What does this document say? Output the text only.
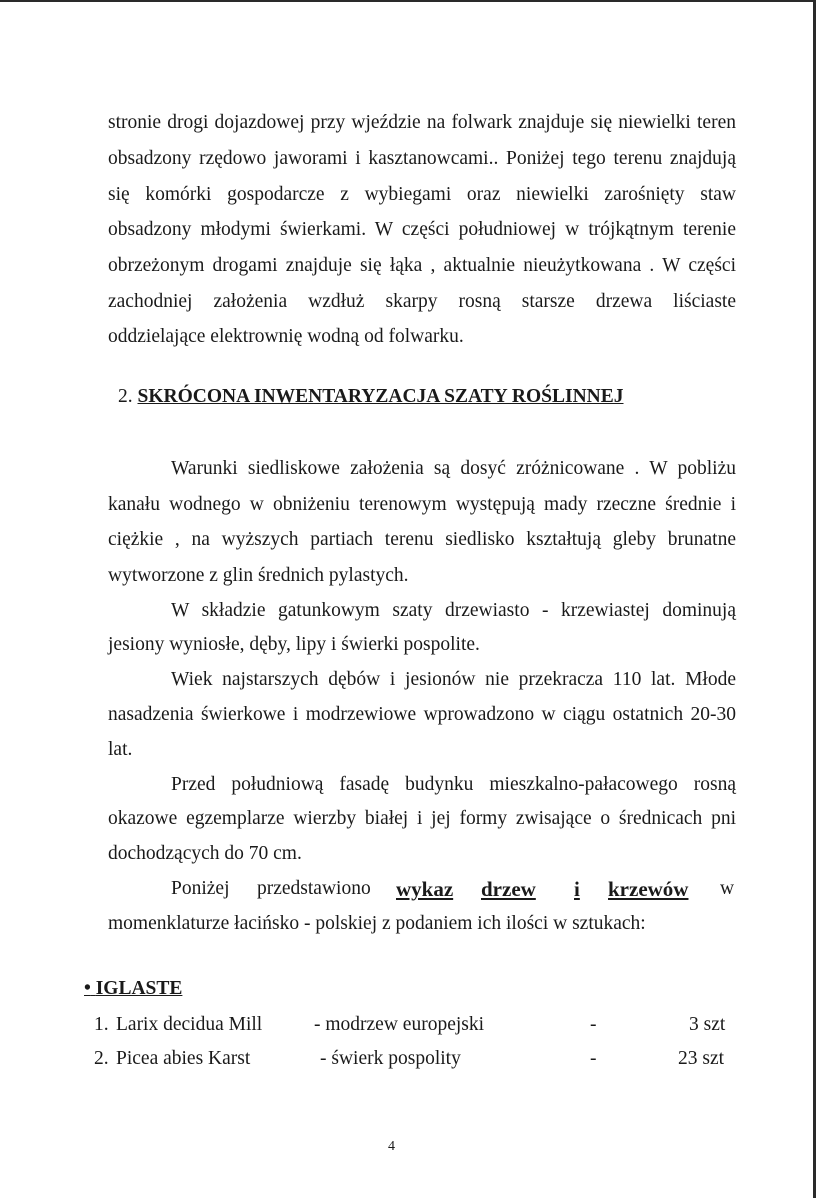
stronie drogi dojazdowej przy wjeździe na folwark znajduje się niewielki teren
obsadzony rzędowo jaworami i kasztanowcami.. Poniżej tego terenu znajdują
się komórki gospodarcze z wybiegami oraz niewielki zarośnięty staw
obsadzony młodymi świerkami. W części południowej w trójkątnym terenie
obrzeżonym drogami znajduje się łąka , aktualnie nieużytkowana . W części
zachodniej założenia wzdłuż skarpy rosną starsze drzewa liściaste
oddzielające elektrownię wodną od folwarku.
2. SKRÓCONA INWENTARYZACJA SZATY ROŚLINNEJ
Warunki siedliskowe założenia są dosyć zróżnicowane . W pobliżu
kanału wodnego w obniżeniu terenowym występują mady rzeczne średnie i
ciężkie , na wyższych partiach terenu siedlisko kształtują gleby brunatne
wytworzone z glin średnich pylastych.
W składzie gatunkowym szaty drzewiasto - krzewiastej dominują
jesiony wyniosłe, dęby, lipy i świerki pospolite.
Wiek najstarszych dębów i jesionów nie przekracza 110 lat. Młode
nasadzenia świerkowe i modrzewiowe wprowadzono w ciągu ostatnich 20-30
lat.
Przed południową fasadę budynku mieszkalno-pałacowego rosną
okazowe egzemplarze wierzby białej i jej formy zwisające o średnicach pni
dochodzących do 70 cm.
Poniżej przedstawiono wykaz drzew i krzewów w
momenklaturze łacińsko - polskiej z podaniem ich ilości w sztukach:
• IGLASTE
1. Larix decidua Mill	- modrzew europejski	-	3 szt
2. Picea abies Karst	- świerk pospolity	-	23 szt
4
